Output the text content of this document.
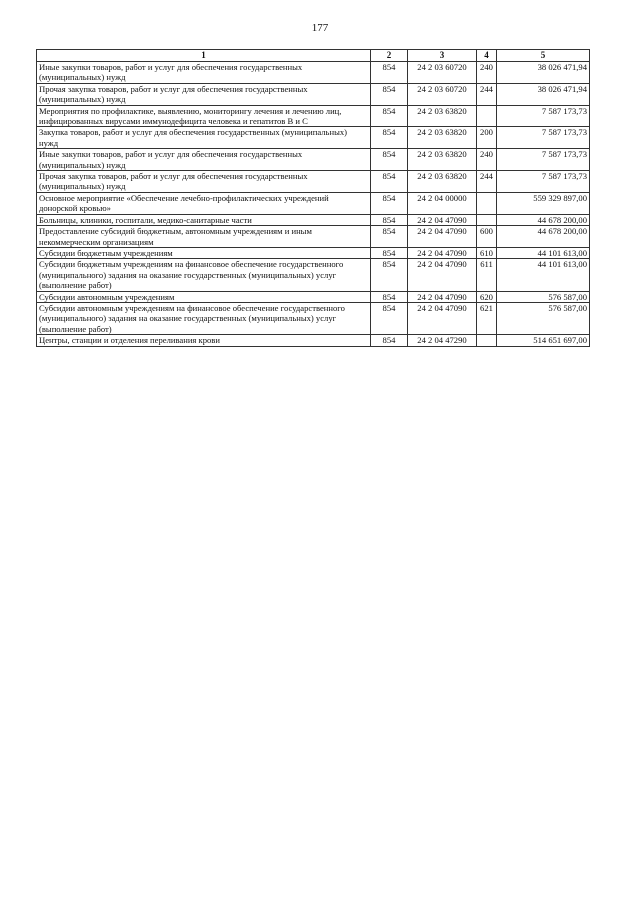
177
1	2	3	4	5
Иные закупки товаров, работ и услуг для обеспечения государственных (муниципальных) нужд	854	24 2 03 60720	240	38 026 471,94
Прочая закупка товаров, работ и услуг для обеспечения государственных (муниципальных) нужд	854	24 2 03 60720	244	38 026 471,94
Мероприятия по профилактике, выявлению, мониторингу лечения и лечению лиц, инфицированных вирусами иммунодефицита человека и гепатитов В и С	854	24 2 03 63820		7 587 173,73
Закупка товаров, работ и услуг для обеспечения государственных (муниципальных) нужд	854	24 2 03 63820	200	7 587 173,73
Иные закупки товаров, работ и услуг для обеспечения государственных (муниципальных) нужд	854	24 2 03 63820	240	7 587 173,73
Прочая закупка товаров, работ и услуг для обеспечения государственных (муниципальных) нужд	854	24 2 03 63820	244	7 587 173,73
Основное мероприятие «Обеспечение лечебно-профилактических учреждений донорской кровью»	854	24 2 04 00000		559 329 897,00
Больницы, клиники, госпитали, медико-санитарные части	854	24 2 04 47090		44 678 200,00
Предоставление субсидий бюджетным, автономным учреждениям и иным некоммерческим организациям	854	24 2 04 47090	600	44 678 200,00
Субсидии бюджетным учреждениям	854	24 2 04 47090	610	44 101 613,00
Субсидии бюджетным учреждениям на финансовое обеспечение государственного (муниципального) задания на оказание государственных (муниципальных) услуг (выполнение работ)	854	24 2 04 47090	611	44 101 613,00
Субсидии автономным учреждениям	854	24 2 04 47090	620	576 587,00
Субсидии автономным учреждениям на финансовое обеспечение государственного (муниципального) задания на оказание государственных (муниципальных) услуг (выполнение работ)	854	24 2 04 47090	621	576 587,00
Центры, станции и отделения переливания крови	854	24 2 04 47290		514 651 697,00
